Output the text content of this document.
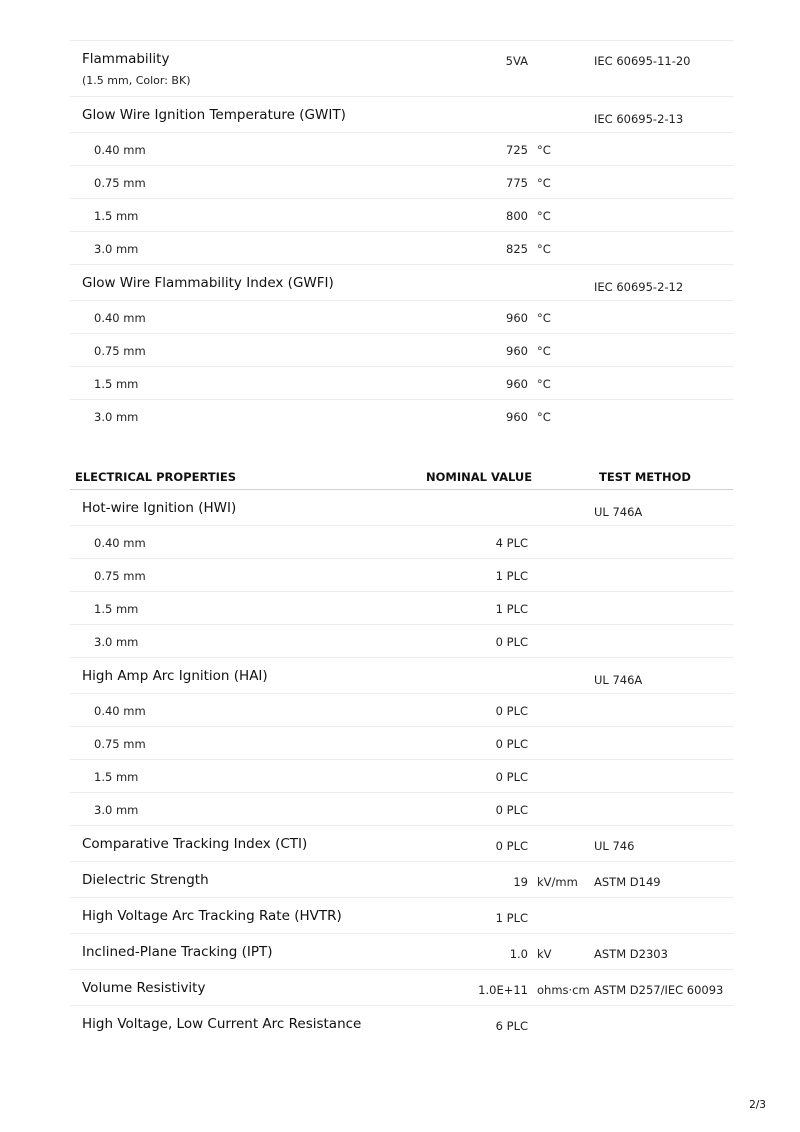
Flammability
(1.5 mm, Color: BK)
5VA	IEC 60695-11-20
Glow Wire Ignition Temperature (GWIT)	IEC 60695-2-13
0.40 mm	725 °C
0.75 mm	775 °C
1.5 mm	800 °C
3.0 mm	825 °C
Glow Wire Flammability Index (GWFI)	IEC 60695-2-12
0.40 mm	960 °C
0.75 mm	960 °C
1.5 mm	960 °C
3.0 mm	960 °C
ELECTRICAL PROPERTIES	NOMINAL VALUE	TEST METHOD
Hot-wire Ignition (HWI)	UL 746A
0.40 mm	4 PLC
0.75 mm	1 PLC
1.5 mm	1 PLC
3.0 mm	0 PLC
High Amp Arc Ignition (HAI)	UL 746A
0.40 mm	0 PLC
0.75 mm	0 PLC
1.5 mm	0 PLC
3.0 mm	0 PLC
Comparative Tracking Index (CTI)	0 PLC	UL 746
Dielectric Strength	19 kV/mm ASTM D149
High Voltage Arc Tracking Rate (HVTR)	1 PLC
Inclined-Plane Tracking (IPT)	1.0 kV	ASTM D2303
Volume Resistivity	1.0E+11 ohms·cm ASTM D257/IEC 60093
High Voltage, Low Current Arc Resistance	6 PLC
2/3
